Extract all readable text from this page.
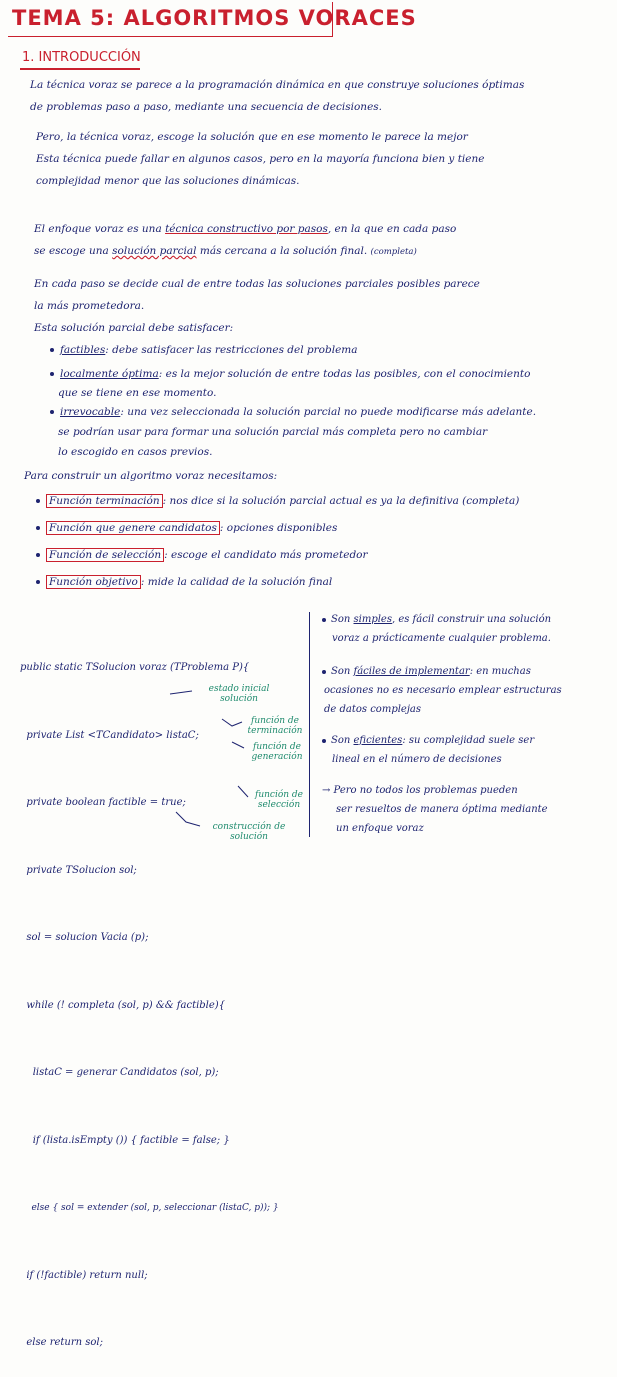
TEMA 5: ALGORITMOS VORACES
1. INTRODUCCIÓN
La técnica voraz se parece a la programación dinámica en que construye soluciones óptimas
de problemas paso a paso, mediante una secuencia de decisiones.
Pero, la técnica voraz, escoge la solución que en ese momento le parece la mejor
Esta técnica puede fallar en algunos casos, pero en la mayoría funciona bien y tiene
complejidad menor que las soluciones dinámicas.
El enfoque voraz es una técnica constructivo por pasos, en la que en cada paso
se escoge una solución parcial más cercana a la solución final. (completa)
En cada paso se decide cual de entre todas las soluciones parciales posibles parece
la más prometedora.
Esta solución parcial debe satisfacer:
factibles: debe satisfacer las restricciones del problema
localmente óptima: es la mejor solución de entre todas las posibles, con el conocimiento
que se tiene en ese momento.
irrevocable: una vez seleccionada la solución parcial no puede modificarse más adelante.
se podrían usar para formar una solución parcial más completa pero no cambiar
lo escogido en casos previos.
Para construir un algoritmo voraz necesitamos:
Función terminación : nos dice si la solución parcial actual es ya la definitiva (completa)
Función que genere candidatos : opciones disponibles
Función de selección : escoge el candidato más prometedor
Función objetivo : mide la calidad de la solución final

public static TSolucion voraz (TProblema P){

private List <TCandidato> listaC;

private boolean factible = true;

private TSolucion sol;

sol = solucion Vacia (p);

while (! completa (sol, p) && factible){

listaC = generar Candidatos (sol, p);

if (lista.isEmpty ()) { factible = false; }

else { sol = extender (sol, p, seleccionar (listaC, p)); }

if (!factible) return null;

else return sol;

estado inicial solución
función de terminación
función de generación
función de selección
construcción de solución
Son simples, es fácil construir una solución
voraz a prácticamente cualquier problema.
Son fáciles de implementar: en muchas
ocasiones no es necesario emplear estructuras
de datos complejas
Son eficientes: su complejidad suele ser
lineal en el número de decisiones
→ Pero no todos los problemas pueden
ser resueltos de manera óptima mediante
un enfoque voraz
